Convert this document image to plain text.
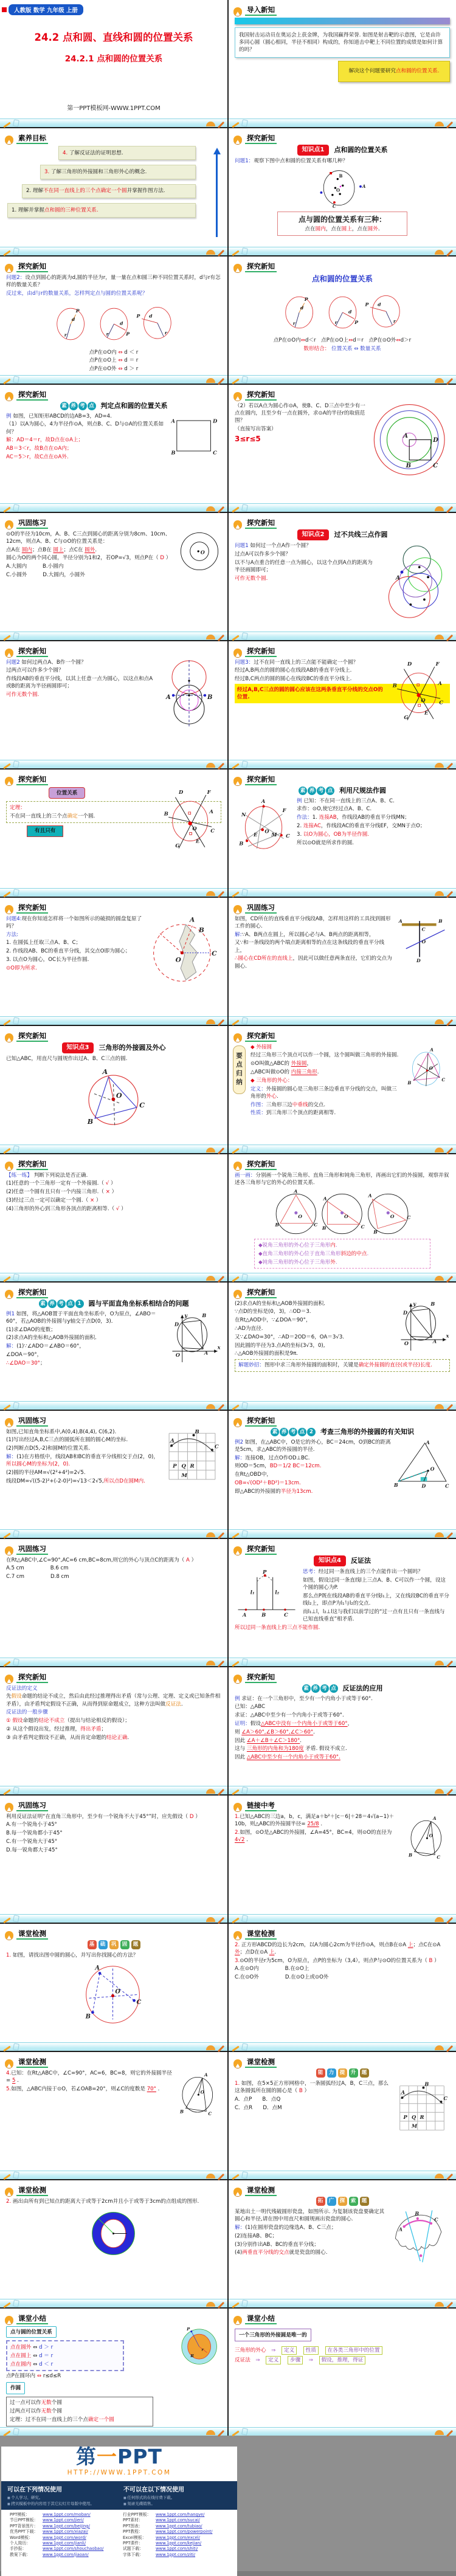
人教版 数学 九年级 上册
24.2 点和圆、直线和圆的位置关系
24.2.1 点和圆的位置关系
第一PPT模板网-WWW.1PPT.COM
导入新知
我国射击运动员在奥运会上获金牌，为我国赢得荣誉. 如图是射击靶的示意图，它是由许多同心圆（圆心相同，半径不相同）构成的，你知道击中靶上不同位置的成绩是如何计算的吗？
解决这个问题要研究点和圆的位置关系.
素养目标
4. 了解反证法的证明思想.
3. 了解三角形的外接圆和三角形外心的概念.
2. 理解不在同一直线上的三个点确定一个圆并掌握作图方法.
1. 理解并掌握点和圆的三种位置关系.
探究新知
知识点1	点和圆的位置关系
问题1：观察下图中点和圆的位置关系有哪几种？
B
O
A
C
点与圆的位置关系有三种：
点在圆内，点在圆上，点在圆外.
探究新知
问题2：设点到圆心的距离为d,圆的半径为r，量一量在点和圆三种不同位置关系时，d与r有怎样的数量关系？
反过来，由d与r的数量关系，怎样判定点与圆的位置关系呢？
P
P
P
r	r	r
d
d
d
点P在⊙O内 ⇔ d ＜ r
点P在⊙O上 ⇔ d ＝ r
点P在⊙O外 ⇔ d ＞ r
探究新知
点和圆的位置关系
P
P
P
r	r	r
d
d
d
点P在⊙O内⇔d＜r　点P在⊙O上⇔d＝r　点P在⊙O外⇔d＞r
数形结合： 位置关系 ⇔ 数量关系
探究新知
素 养 考 点 判定点和圆的位置关系
A	D
B	C
例 如图，已知矩形ABCD的边AB=3，AD=4.
（1）以A为圆心，4为半径作⊙A，则点B、C、D与⊙A的位置关系如何？
解：AD＝4＝r，故D点在⊙A上；
AB＝3＜r，故B点在⊙A内；
AC＝5＞r，故C点在⊙A外.
探究新知
A
D
B	C
（2）若以A点为圆心作⊙A，使B、C、D三点中至少有一点在圆内，且至少有一点在圆外，求⊙A的半径r的取值范围？
（直接写出答案）
3≤r≤5
巩固练习
O
⊙O的半径为10cm，A、B、C三点到圆心的距离分别为8cm、10cm、12cm，则点A、B、C与⊙O的位置关系是：
点A在 圆内；点B在 圆上；点C在 圆外.
圆心为O的两个同心圆，半径分别为1和2，若OP=√3，则点P在（ D ）
A.大圆内　　　B.小圆内
C.小圆外　　　D.大圆内，小圆外
探究新知
知识点2	过不共线三点作圆
A
问题1 如何过一个点A作一个圆？
过点A可以作多少个圆？
以不与A点重合的任意一点为圆心，以这个点到A点的距离为半径画圆即可；
可作无数个圆.
探究新知
A	B
问题2 如何过两点A、B作一个圆？
过两点可以作多少个圆？
作线段AB的垂直平分线，以其上任意一点为圆心，以这点和点A或B的距离为半径画圆即可；
可作无数个圆.
探究新知
D	F
A
B
C
O
E
G
问题3：过不在同一直线上的三点能不能确定一个圆？
经过A,B两点的圆的圆心在线段AB的垂直平分线上.
经过B,C两点的圆的圆心在线段BC的垂直平分线上.
经过A,B,C三点的圆的圆心应该在这两条垂直平分线的交点O的位置.
探究新知
D	F
A
B
C
O
E
G
位置关系
定理：
不在同一直线上的三个点确定一个圆.
有且只有
探究新知
素 养 考 点 利用尺规法作圆
A
N
F
B
E
O
M C
例 已知：不在同一直线上的三点A、B、C.
求作：⊙O,使它经过点A、B、C.
作法：1. 连接AB，作线段AB的垂直平分线MN；
2. 连接AC，作线段AC的垂直平分线EF，交MN于点O；
3. 以O为圆心，OB为半径作圆.
所以⊙O就是所求作的圆.
探究新知
A
B
C
O
问题4:现在你知道怎样将一个如图所示的破损的圆盘复原了吗？
方法:
1. 在圆弧上任取三点A、B、C；
2. 作线段AB、BC的垂直平分线，其交点O即为圆心；
3. 以点O为圆心，OC长为半径作圆.
⊙O即为所求.
巩固练习
A	B
C
O
D
如图，CD所在的直线垂直平分线段AB，怎样用这样的工具找到圆形工件的圆心.
解:∵A、B两点在圆上，所以圆心必与A、B两点的距离相等，
又∵和一条线段的两个端点距离相等的点在这条线段的垂直平分线上，
∴圆心在CD所在的直线上，因此可以做任意两条直径，它们的交点为圆心.
探究新知
知识点3	三角形的外接圆及外心
已知△ABC，用直尺与圆规作出过A、B、C三点的圆.
A
B
C
O
探究新知
要点归纳
A
B
C
O
◆ 外接圆
经过三角形三个顶点可以作一个圆，这个圆叫做三角形的外接圆.
⊙O叫做△ABC的 外接圆，
△ABC叫做⊙O的 内接三角形.
◆ 三角形的外心：
定义：外接圆的圆心是三角形三条边垂直平分线的交点，叫做三角形的外心.
作图：三角形三边中垂线的交点.
性质：到三角形三个顶点的距离相等.
探究新知
【练一练】 判断下列说法是否正确.
(1)任意的一个三角形一定有一个外接圆.（ √ ）
(2)任意一个圆有且只有一个内接三角形.（ × ）
(3)经过三点一定可以确定一个圆.（ × ）
(4)三角形的外心到三角形各顶点的距离相等.（ √ ）
探究新知
画一画：分别画一个锐角三角形、直角三角形和钝角三角形，再画出它们的外接圆，观察并叙述各三角形与它的外心的位置关系.
A
B	C
A
B	C
A
B
C
O	O	O
◆锐角三角形的外心位于三角形内.
◆直角三角形的外心位于直角三角形斜边的中点.
◆钝角三角形的外心位于三角形外.
探究新知
素 养 考 点 1	圆与平面直角坐标系相结合的问题
y
x
O
D
B
A
例1 如图，将△AOB置于平面直角坐标系中，O为原点，∠ABO＝60°，若△AOB的外接圆与y轴交于点D(0，3)．
(1)求∠DAO的度数；
(2)求点A的坐标和△AOB外接圆的面积．
解：(1)∵∠ADO＝∠ABO＝60°，
∠DOA＝90°，
∴∠DAO＝30°；
探究新知
y
x
O
D
B
A
(2)求点A的坐标和△AOB外接圆的面积．
∵点D的坐标是(0，3)，∴OD＝3.
在Rt△AOD中，∵∠DOA＝90°，
∴AD为直径.
又∵∠DAO=30°，∴AD＝2OD＝6，OA＝3√3.
因此圆的半径为3.点A的坐标(3√3，0),
∴△AOB外接圆的面积是9π.
解题妙招：图形中求三角形外接圆的面积时，关键是确定外接圆的直径(或半径)长度.
巩固练习
A
B
C
P Q R
M
如图,已知直角坐标系中,A(0,4),B(4,4), C(6,2).
(1)写出经过A,B,C三点的圆弧所在圆的圆心M的坐标.
(2)判断点D(5,-2)和圆M的位置关系.
解：(1)在方格纸中，线段AB和BC的垂直平分线相交于点(2，0)，所以圆心M的坐标为(2，0).
(2)圆的半径AM=√(2²+4²)=2√5.
线段DM=√((5-2)²+(-2-0)²)=√13＜2√5,所以点D在圆M内.
探究新知
素 养 考 点 2	考查三角形的外接圆的有关知识
A
B	C
O
D
例2 如图，在△ABC中，O是它的外心，BC＝24cm，O到BC的距离是5cm，求△ABC的外接圆的半径.
解：连接OB，过点O作OD⊥BC.
则OD＝5cm，BD＝1/2 BC＝12cm.
在Rt△OBD中，
OB=√(OD²＋BD²)＝13cm.
即△ABC的外接圆的半径为13cm.
巩固练习
在Rt△ABC中,∠C=90°,AC=6 cm,BC=8cm,则它的外心与顶点C的距离为（ A ）
A.5 cm　　　　　B.6 cm
C.7 cm　　　　　D.8 cm
探究新知
知识点4	反证法
P
l₁	l₂
A	B	C
思考：经过同一条直线上的三个点能作出一个圆吗？
如图，假设过同一条直线l上三点A、B、C可以作一个圆，设这个圆的圆心为P.
那么点P既在线段AB的垂直平分线l₁上，又在线段BC的垂直平分线l₂上，即点P为l₁与l₂的交点.
而l₁⊥l，l₂⊥l这与我们以前学过的“过一点有且只有一条直线与已知直线垂直”相矛盾.
所以过同一条直线上的三点不能作圆.
探究新知
反证法的定义
先假设命题的结论不成立，然后由此经过推理得出矛盾（常与公理、定理、定义或已知条件相矛盾），由矛盾判定假设不正确，从而得到原命题成立，这种方法叫做反证法.
反证法的一般步骤
① 假设命题的结论不成立（提出与结论相反的假设）；
② 从这个假设出发，经过推理，得出矛盾；
③ 由矛盾判定假设不正确，从而肯定命题的结论正确.
探究新知
素 养 考 点 反证法的应用
例 求证：在一个三角形中，至少有一个内角小于或等于60°.
已知：△ABC
求证：△ABC中至少有一个内角小于或等于60°.
证明：假设△ABC中没有一个内角小于或等于60°，
则 ∠A＞60°,∠B＞60°,∠C＞60°.
因此 ∠A＋∠B＋∠C＞180°.
这与 三角形的内角和为180度 矛盾. 假设不成立.
因此 △ABC中至少有一个内角小于或等于60°.
巩固练习
利用反证法证明“在直角三角形中，至少有一个锐角不大于45°”时，应先假设（ D ）
A.有一个锐角小于45°
B.每一个锐角都小于45°
C.有一个锐角大于45°
D.每一锐角都大于45°
链接中考
A
B	C
O
1.已知△ABC的三边a，b，c，满足a＋b²＋|c－6|＋28＝4√(a−1)＋10b，则△ABC的外接圆半径= 25/8 .
2.如图，⊙O是△ABC的外接圆，∠A=45°，BC=4，则⊙O的直径为 4√2 .
课堂检测
基	础	巩	固	题
1. 如图，请找出图中圆的圆心，并写出你找圆心的方法？
A
B
C
O
课堂检测
2. 正方形ABCD的边长为2cm，以A为圆心2cm为半径作⊙A，则点B在⊙A 上；点C在⊙A 外；点D在⊙A 上.
3.⊙O的半径r为5cm，O为原点，点P的坐标为（3,4），则点P与⊙O的位置关系为（ B ）
A.在⊙O内　　　　　B.在⊙O上
C.在⊙O外　　　　　D.在⊙O上或⊙O外
课堂检测
A
B	C
O
4.已知：在Rt△ABC中，∠C=90°，AC=6，BC=8，则它的外接圆半径= 5 .
5.如图，△ABC内接于⊙O，若∠OAB=20°，则∠C的度数是 70° .
课堂检测
能	力	提	升	题
A
B
C
P Q R
M
1. 如图，在5×5正方形网格中，一条圆弧经过A，B，C三点，那么这条圆弧所在圆的圆心是（ B ）
A．点P　　B．点Q
C．点R　　D．点M
课堂检测
2. 画出由所有到已知点的距离大于或等于2cm并且小于或等于3cm的点组成的图形.
课堂检测
拓	广	探	索	题
A
B
C
某地出土一明代残破圆形瓷盘，如图所示. 为复制该瓷盘要确定其圆心和半径,请在图中用直尺和圆规画出瓷盘的圆心.
解：(1)在圆形瓷盘的边缘选A、B、C三点；
(2)连接AB、BC；
(3)分别作出AB、BC的垂直平分线；
(4)两垂直平分线的交点就是瓷盘的圆心.
课堂小结
P
r
R
点与圆的位置关系
点在圆外 ⇔ d ＞ r
点在圆上 ⇔ d ＝ r
点在圆内 ⇔ d ＜ r
点P在圆环内 ⇔ r≤d≤R
作圆
过一点可以作无数个圆
过两点可以作无数个圆
定理：过不在同一直线上的三个点确定一个圆
课堂小结
一个三角形的外接圆是唯一的
三角形的外心　⇒　定义　 性质　 在各类三角形中的位置
反证法　⇒　定义　 步骤　⇒　假设，推理，得证
第一PPT
HTTP://WWW.1PPT.COM
可以在下列情况使用
■ 个人学习、研究。
■ 拷贝模板中的内容用于其它幻灯片母版中使用。
不可以在以下情况使用
■ 任何形式的在线付费下载。
■ 刻录光碟销售。
PPT模板：	www.1ppt.com/moban/
节日PPT模板：	www.1ppt.com/jieri/
PPT背景图片：	www.1ppt.com/beijing/
优秀PPT下载：	www.1ppt.com/xiazai/
Word模板：	www.1ppt.com/word/
个人简历：	www.1ppt.com/jianli/
手抄报：	www.1ppt.com/shouchaobao/
教案下载：	www.1ppt.com/jiaoan/
行业PPT模板：	www.1ppt.com/hangye/
PPT素材：	www.1ppt.com/sucai/
PPT图表：	www.1ppt.com/tubiao/
PPT教程：	www.1ppt.com/powerpoint/
Excel模板：	www.1ppt.com/excel/
PPT课件：	www.1ppt.com/kejian/
试题下载：	www.1ppt.com/shiti/
字体下载：	www.1ppt.com/ziti/
